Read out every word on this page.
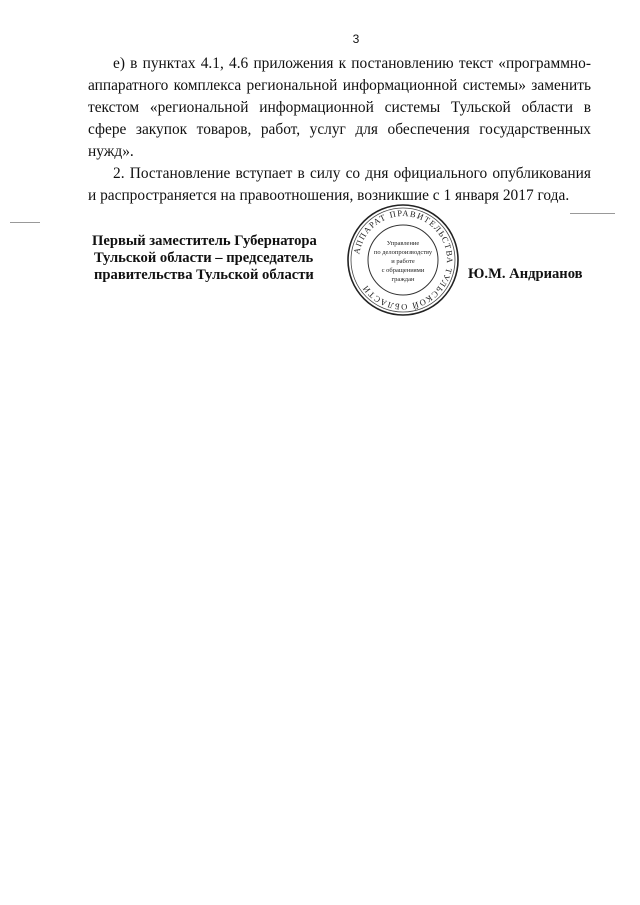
3

е) в пунктах 4.1, 4.6 приложения к постановлению текст «программно-аппаратного комплекса региональной информационной системы» заменить текстом «региональной информационной системы Тульской области в сфере закупок товаров, работ, услуг для обеспечения государственных нужд».

2. Постановление вступает в силу со дня официального опубликования и распространяется на правоотношения, возникшие с 1 января 2017 года.

Первый заместитель Губернатора
Тульской области – председатель
правительства Тульской области
АППАРАТ ПРАВИТЕЛЬСТВА ТУЛЬСКОЙ ОБЛАСТИ
Управление
по делопроизводству
и работе
с обращениями
граждан	Ю.М. Андрианов
